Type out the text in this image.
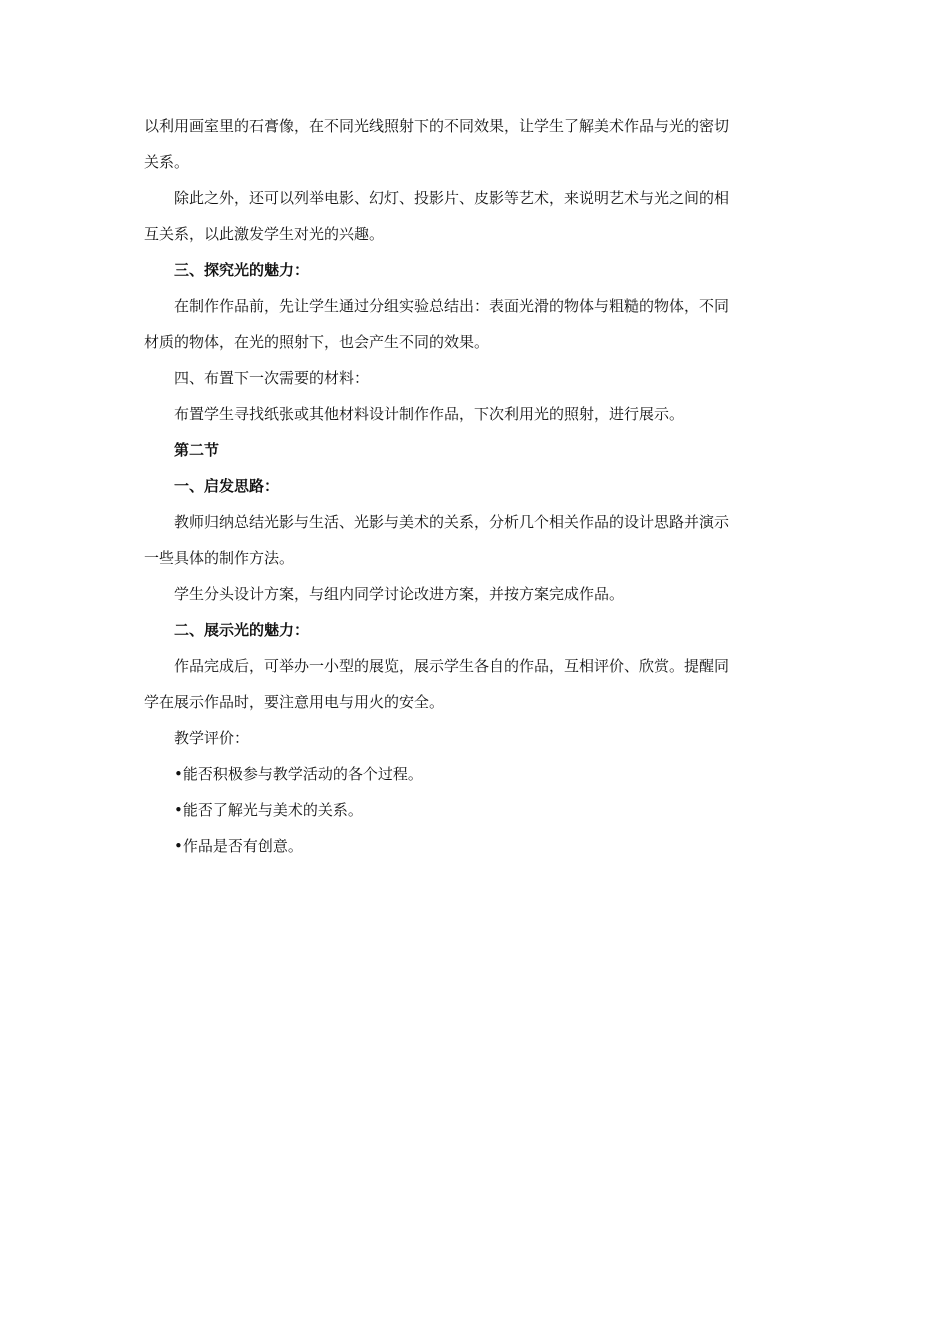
以利用画室里的石膏像，在不同光线照射下的不同效果，让学生了解美术作品与光的密切

关系。

除此之外，还可以列举电影、幻灯、投影片、皮影等艺术，来说明艺术与光之间的相

互关系，以此激发学生对光的兴趣。

三、探究光的魅力：

在制作作品前，先让学生通过分组实验总结出：表面光滑的物体与粗糙的物体，不同

材质的物体，在光的照射下，也会产生不同的效果。

四、布置下一次需要的材料：

布置学生寻找纸张或其他材料设计制作作品，下次利用光的照射，进行展示。

第二节

一、启发思路：

教师归纳总结光影与生活、光影与美术的关系，分析几个相关作品的设计思路并演示

一些具体的制作方法。

学生分头设计方案，与组内同学讨论改进方案，并按方案完成作品。

二、展示光的魅力：

作品完成后，可举办一小型的展览，展示学生各自的作品，互相评价、欣赏。提醒同

学在展示作品时，要注意用电与用火的安全。

教学评价：

•能否积极参与教学活动的各个过程。

•能否了解光与美术的关系。

•作品是否有创意。
